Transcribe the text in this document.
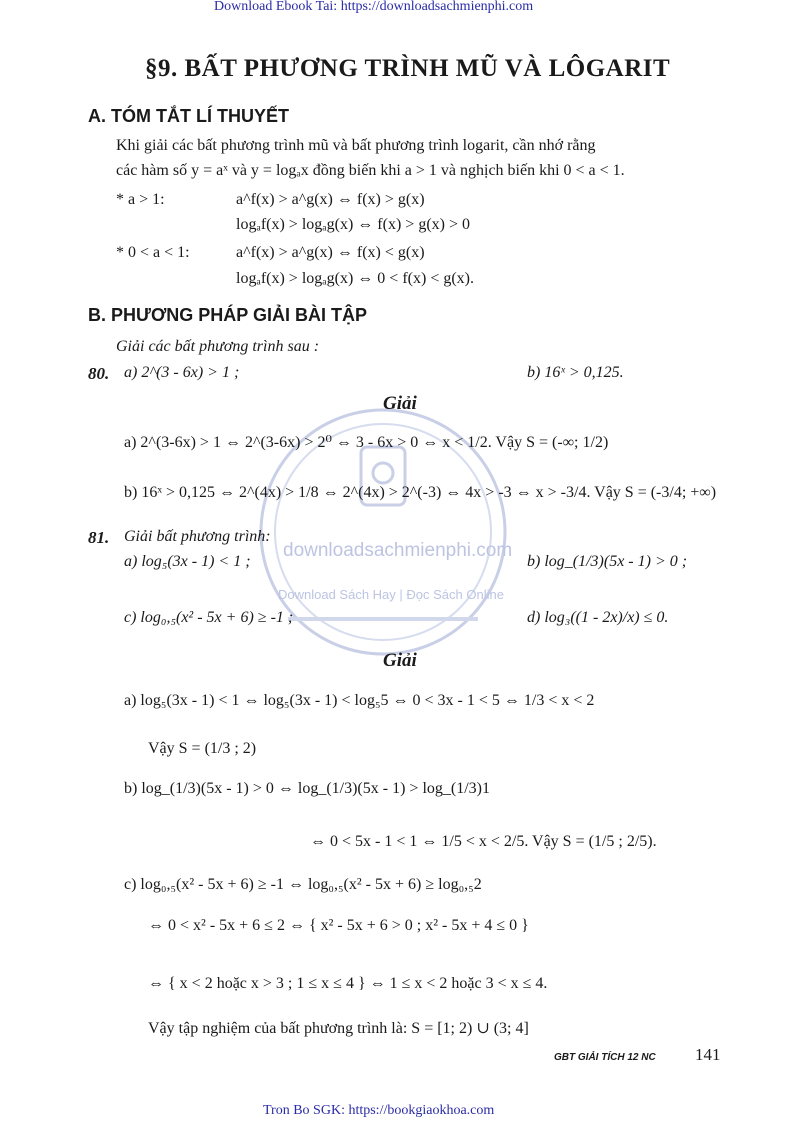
downloadsachmienphi.com
Download Sách Hay | Đọc Sách Online
Download Ebook Tai: https://downloadsachmienphi.com
§9. BẤT PHƯƠNG TRÌNH MŨ VÀ LÔGARIT
A. TÓM TẮT LÍ THUYẾT
Khi giải các bất phương trình mũ và bất phương trình logarit, cần nhớ rằng
các hàm số y = aˣ và y = logₐx đồng biến khi a > 1 và nghịch biến khi 0 < a < 1.
* a > 1:	a^f(x) > a^g(x) ⇔ f(x) > g(x)
logₐf(x) > logₐg(x) ⇔ f(x) > g(x) > 0
* 0 < a < 1:	a^f(x) > a^g(x) ⇔ f(x) < g(x)
logₐf(x) > logₐg(x) ⇔ 0 < f(x) < g(x).
B. PHƯƠNG PHÁP GIẢI BÀI TẬP
Giải các bất phương trình sau :
80. a) 2^(3 - 6x) > 1 ;	b) 16ˣ > 0,125.
Giải
a) 2^(3-6x) > 1 ⇔ 2^(3-6x) > 2⁰ ⇔ 3 - 6x > 0 ⇔ x < 1/2. Vậy S = (-∞; 1/2)
b) 16ˣ > 0,125 ⇔ 2^(4x) > 1/8 ⇔ 2^(4x) > 2^(-3) ⇔ 4x > -3 ⇔ x > -3/4. Vậy S = (-3/4; +∞)
81. Giải bất phương trình:
a) log₅(3x - 1) < 1 ;	b) log_(1/3)(5x - 1) > 0 ;
c) log₀,₅(x² - 5x + 6) ≥ -1 ;	d) log₃((1 - 2x)/x) ≤ 0.
Giải
a) log₅(3x - 1) < 1 ⇔ log₅(3x - 1) < log₅5 ⇔ 0 < 3x - 1 < 5 ⇔ 1/3 < x < 2
Vậy S = (1/3 ; 2)
b) log_(1/3)(5x - 1) > 0 ⇔ log_(1/3)(5x - 1) > log_(1/3)1
⇔ 0 < 5x - 1 < 1 ⇔ 1/5 < x < 2/5. Vậy S = (1/5 ; 2/5).
c) log₀,₅(x² - 5x + 6) ≥ -1 ⇔ log₀,₅(x² - 5x + 6) ≥ log₀,₅2
⇔ 0 < x² - 5x + 6 ≤ 2 ⇔ { x² - 5x + 6 > 0 ; x² - 5x + 4 ≤ 0 }
⇔ { x < 2 hoặc x > 3 ; 1 ≤ x ≤ 4 } ⇔ 1 ≤ x < 2 hoặc 3 < x ≤ 4.
Vậy tập nghiệm của bất phương trình là: S = [1; 2) ∪ (3; 4]
GBT GIẢI TÍCH 12 NC 141
Tron Bo SGK: https://bookgiaokhoa.com
